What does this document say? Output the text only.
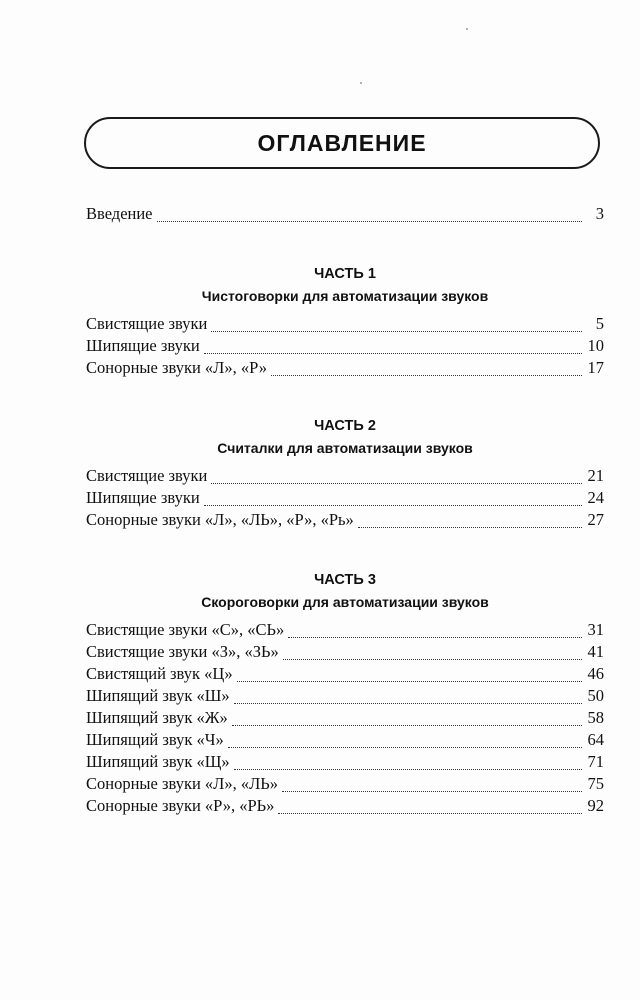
ОГЛАВЛЕНИЕ
Введение	3
ЧАСТЬ 1
Чистоговорки для автоматизации звуков
Свистящие звуки	5
Шипящие звуки	10
Сонорные звуки «Л», «Р»	17
ЧАСТЬ 2
Считалки для автоматизации звуков
Свистящие звуки	21
Шипящие звуки	24
Сонорные звуки «Л», «ЛЬ», «Р», «Рь»	27
ЧАСТЬ 3
Скороговорки для автоматизации звуков
Свистящие звуки «С», «СЬ»	31
Свистящие звуки «З», «ЗЬ»	41
Свистящий звук «Ц»	46
Шипящий звук «Ш»	50
Шипящий звук «Ж»	58
Шипящий звук «Ч»	64
Шипящий звук «Щ»	71
Сонорные звуки «Л», «ЛЬ»	75
Сонорные звуки «Р», «РЬ»	92
